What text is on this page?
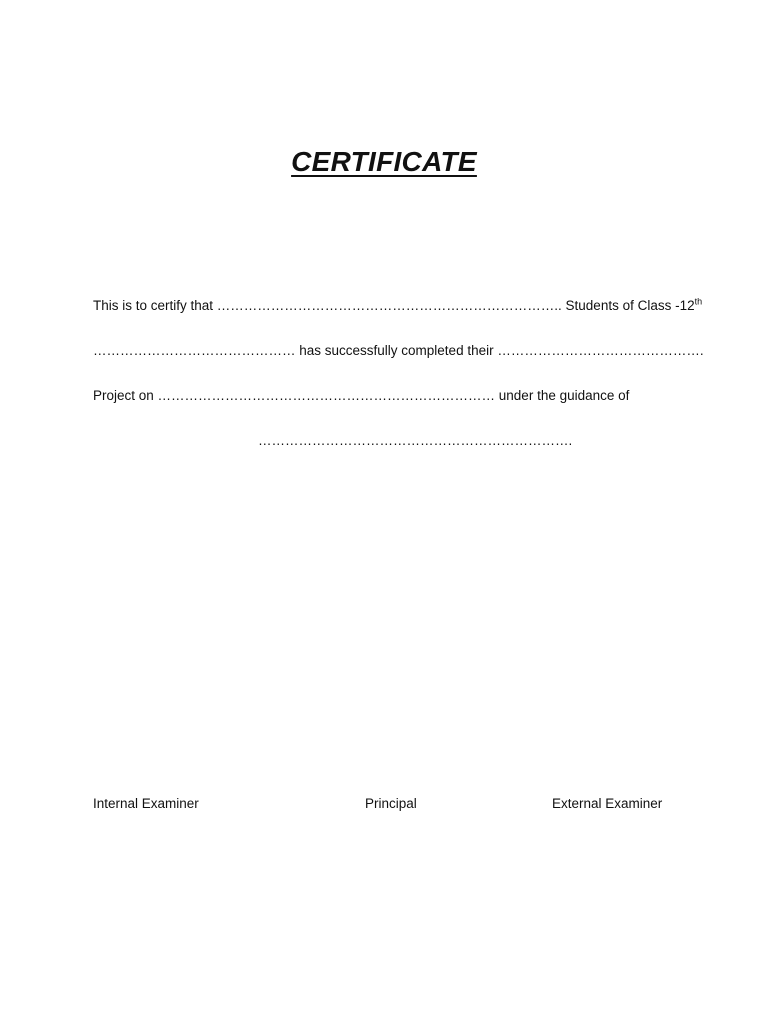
CERTIFICATE
This is to certify that ………………………………………………………………….. Students of Class -12th
……………………………………… has successfully completed their ……………………………………….
Project on ………………………………………………………………… under the guidance of
…………………………………………………………….
Internal Examiner	Principal	External Examiner
